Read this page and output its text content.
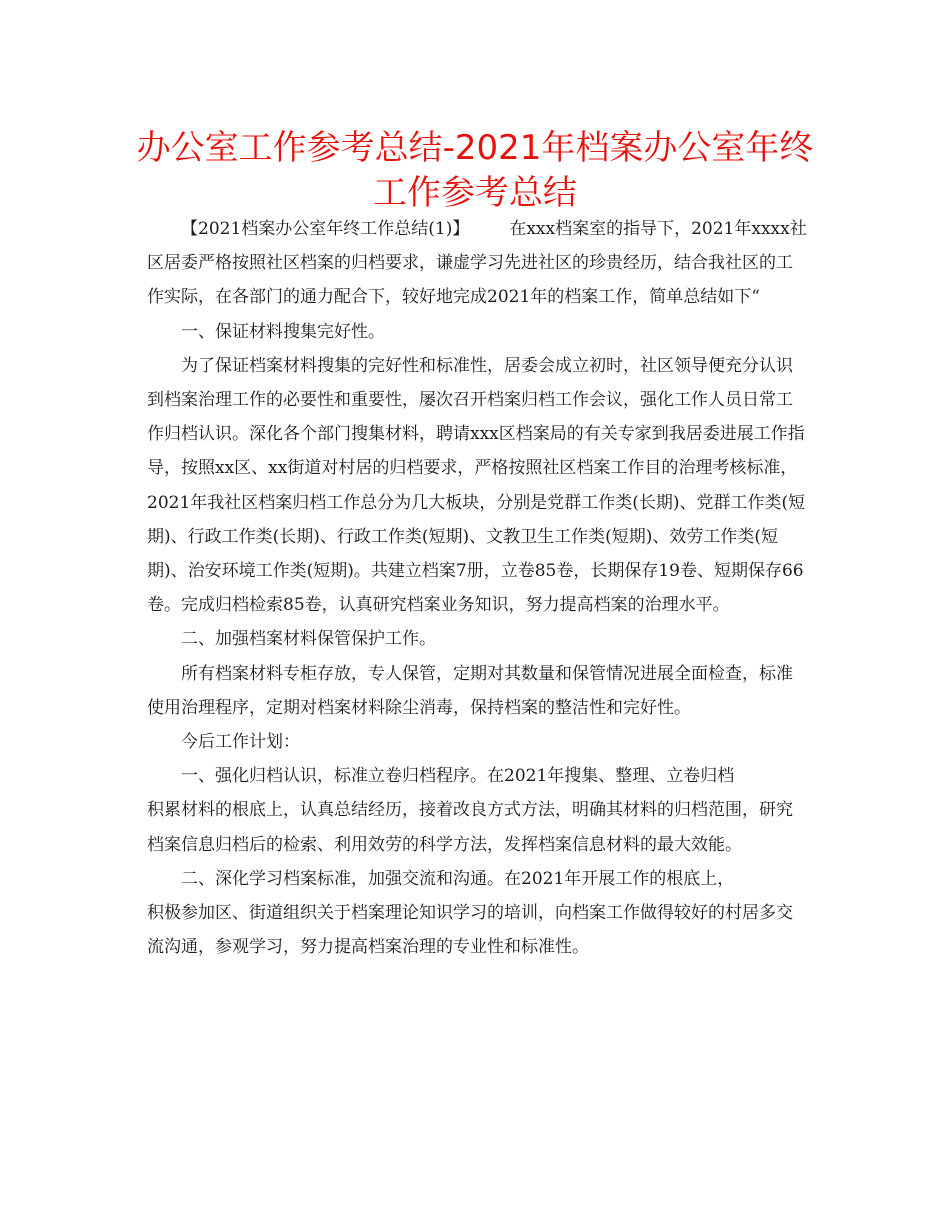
办公室工作参考总结-2021年档案办公室年终工作参考总结

【2021档案办公室年终工作总结(1)】 在xxx档案室的指导下，2021年xxxx社区居委严格按照社区档案的归档要求，谦虚学习先进社区的珍贵经历，结合我社区的工作实际，在各部门的通力配合下，较好地完成2021年的档案工作，简单总结如下“

一、保证材料搜集完好性。

为了保证档案材料搜集的完好性和标准性，居委会成立初时，社区领导便充分认识到档案治理工作的必要性和重要性，屡次召开档案归档工作会议，强化工作人员日常工作归档认识。深化各个部门搜集材料，聘请xxx区档案局的有关专家到我居委进展工作指导，按照xx区、xx街道对村居的归档要求，严格按照社区档案工作目的治理考核标准，2021年我社区档案归档工作总分为几大板块，分别是党群工作类(长期)、党群工作类(短期)、行政工作类(长期)、行政工作类(短期)、文教卫生工作类(短期)、效劳工作类(短期)、治安环境工作类(短期)。共建立档案7册，立卷85卷，长期保存19卷、短期保存66卷。完成归档检索85卷，认真研究档案业务知识，努力提高档案的治理水平。

二、加强档案材料保管保护工作。

所有档案材料专柜存放，专人保管，定期对其数量和保管情况进展全面检查，标准使用治理程序，定期对档案材料除尘消毒，保持档案的整洁性和完好性。

今后工作计划：

一、强化归档认识，标准立卷归档程序。在2021年搜集、整理、立卷归档

积累材料的根底上，认真总结经历，接着改良方式方法，明确其材料的归档范围，研究档案信息归档后的检索、利用效劳的科学方法，发挥档案信息材料的最大效能。

二、深化学习档案标准，加强交流和沟通。在2021年开展工作的根底上，

积极参加区、街道组织关于档案理论知识学习的培训，向档案工作做得较好的村居多交流沟通，参观学习，努力提高档案治理的专业性和标准性。
